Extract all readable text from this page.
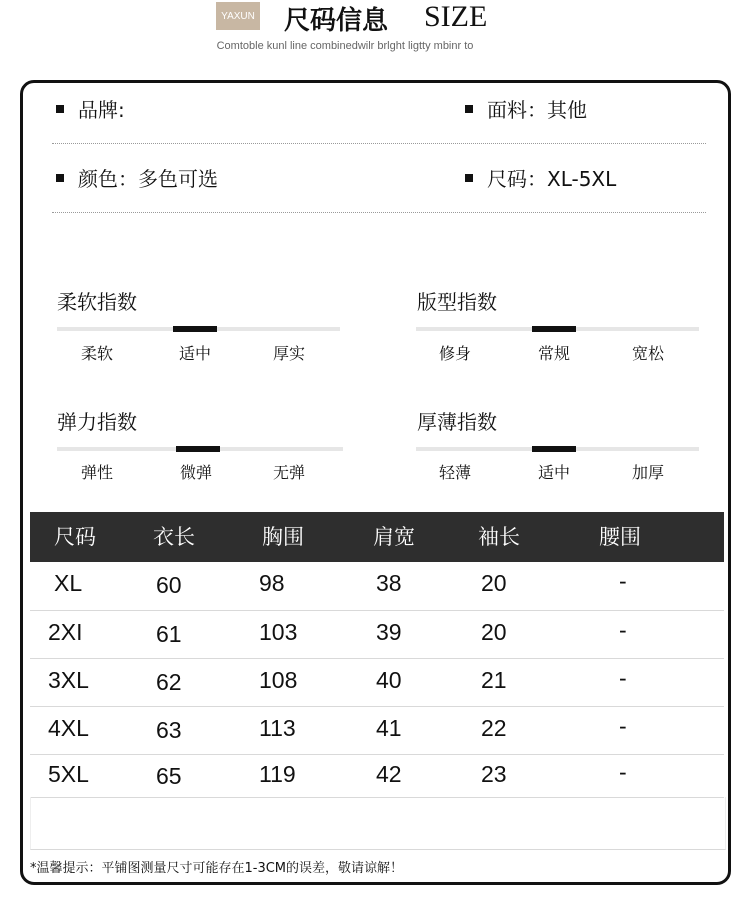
YAXUN 尺码信息 SIZE
Comtoble kunl line combinedwilr brlght ligtty mbinr to
品牌:	面料：其他
颜色：多色可选	尺码：XL-5XL
柔软指数
柔软	适中	厚实
版型指数
修身	常规	宽松
弹力指数
弹性	微弹	无弹
厚薄指数
轻薄	适中	加厚
尺码	衣长	胸围	肩宽	袖长	腰围
XL	60	98	38	20	-
2XI	61	103	39	20	-
3XL	62	108	40	21	-
4XL	63	113	41	22	-
5XL	65	119	42	23	-
*温馨提示：平铺图测量尺寸可能存在1-3CM的误差，敬请谅解！
